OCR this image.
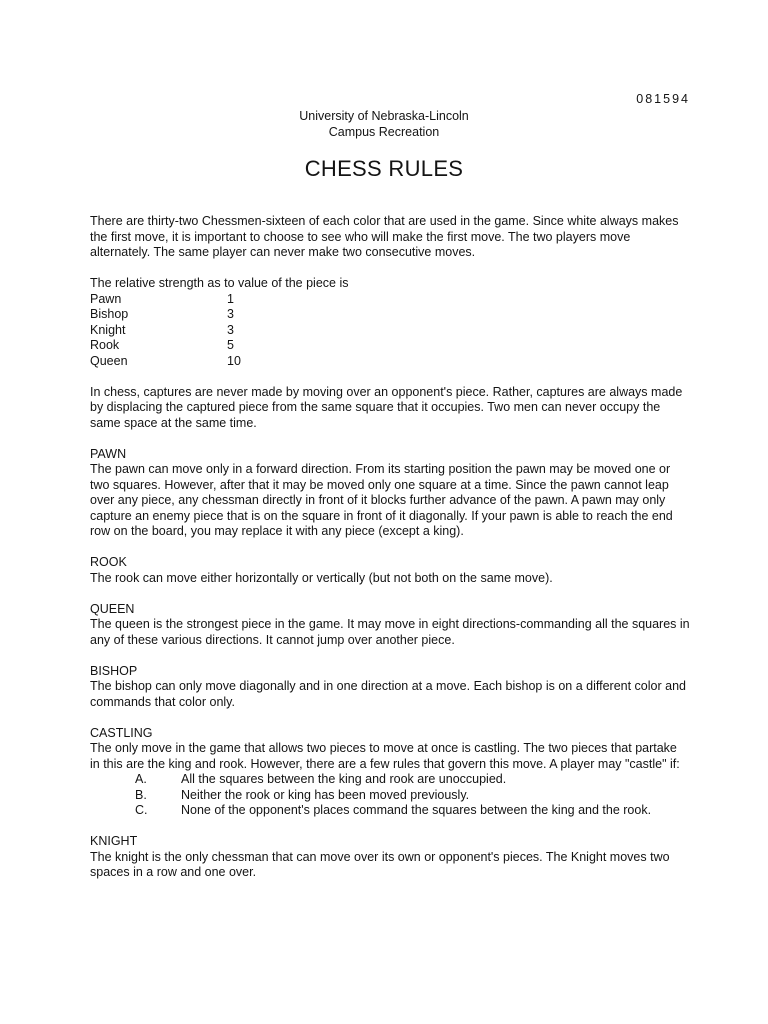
081594
University of Nebraska-Lincoln
Campus Recreation
CHESS RULES

There are thirty-two Chessmen-sixteen of each color that are used in the game. Since white always makes the first move, it is important to choose to see who will make the first move. The two players move alternately. The same player can never make two consecutive moves.

The relative strength as to value of the piece is
Pawn	1
Bishop	3
Knight	3
Rook	5
Queen	10

In chess, captures are never made by moving over an opponent's piece. Rather, captures are always made by displacing the captured piece from the same square that it occupies. Two men can never occupy the same space at the same time.

PAWN
The pawn can move only in a forward direction. From its starting position the pawn may be moved one or two squares. However, after that it may be moved only one square at a time. Since the pawn cannot leap over any piece, any chessman directly in front of it blocks further advance of the pawn. A pawn may only capture an enemy piece that is on the square in front of it diagonally. If your pawn is able to reach the end row on the board, you may replace it with any piece (except a king).
ROOK
The rook can move either horizontally or vertically (but not both on the same move).
QUEEN
The queen is the strongest piece in the game. It may move in eight directions-commanding all the squares in any of these various directions. It cannot jump over another piece.
BISHOP
The bishop can only move diagonally and in one direction at a move. Each bishop is on a different color and commands that color only.
CASTLING
The only move in the game that allows two pieces to move at once is castling. The two pieces that partake in this are the king and rook. However, there are a few rules that govern this move. A player may "castle" if:
A.	All the squares between the king and rook are unoccupied.
B.	Neither the rook or king has been moved previously.
C.	None of the opponent's places command the squares between the king and the rook.
KNIGHT
The knight is the only chessman that can move over its own or opponent's pieces. The Knight moves two spaces in a row and one over.
